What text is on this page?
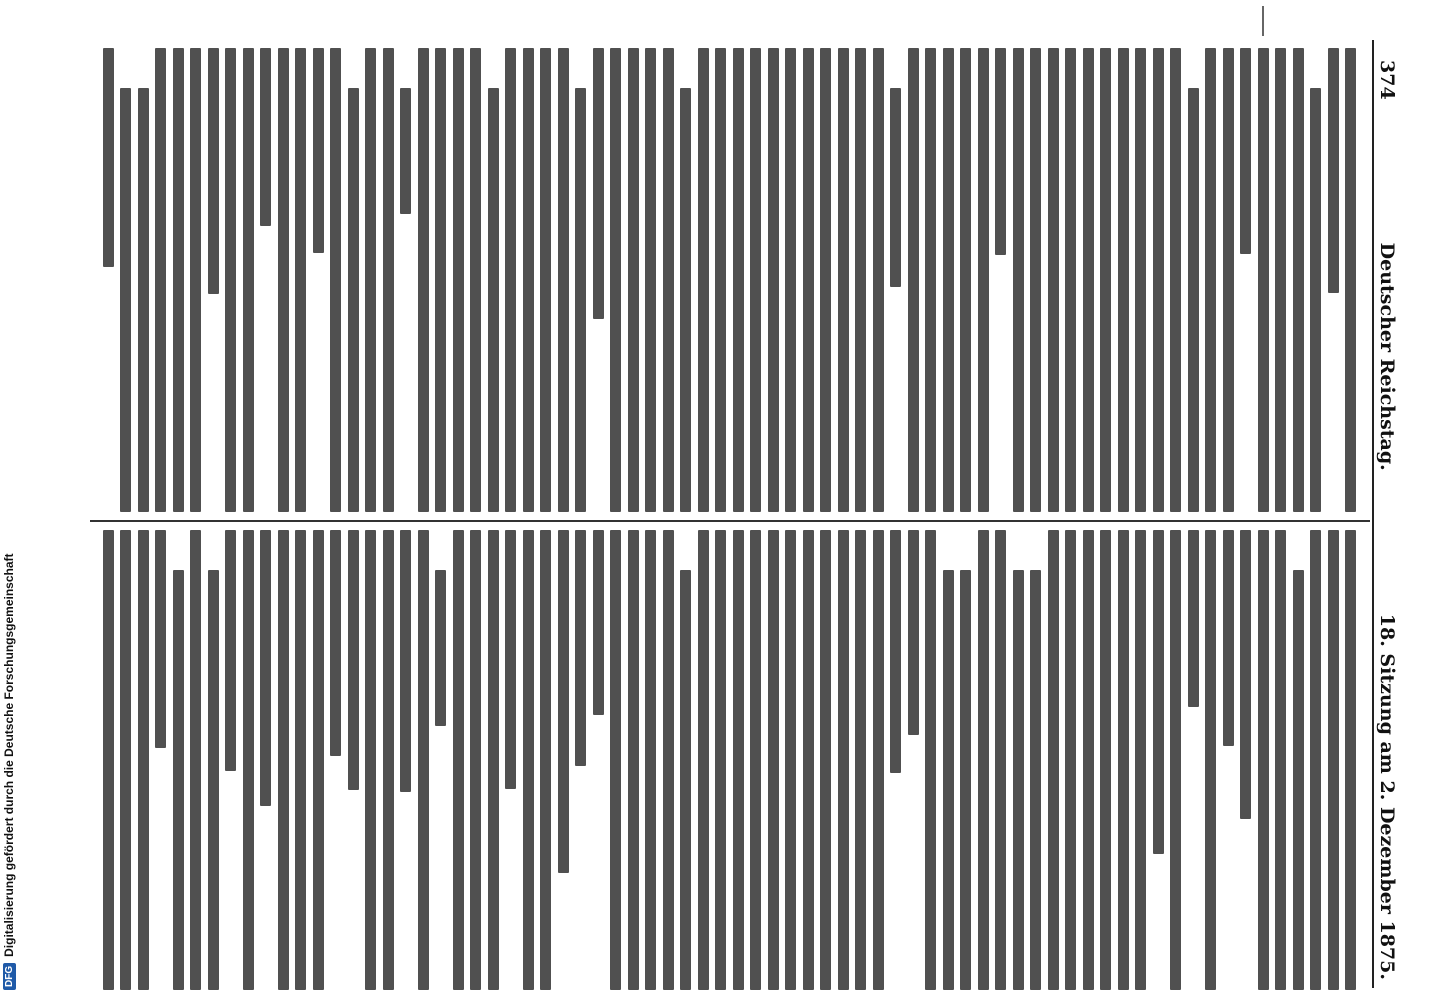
374
Deutscher Reichstag.
18. Sitzung am 2. Dezember 1875.
DFG
Digitalisierung gefördert durch die Deutsche Forschungsgemeinschaft
